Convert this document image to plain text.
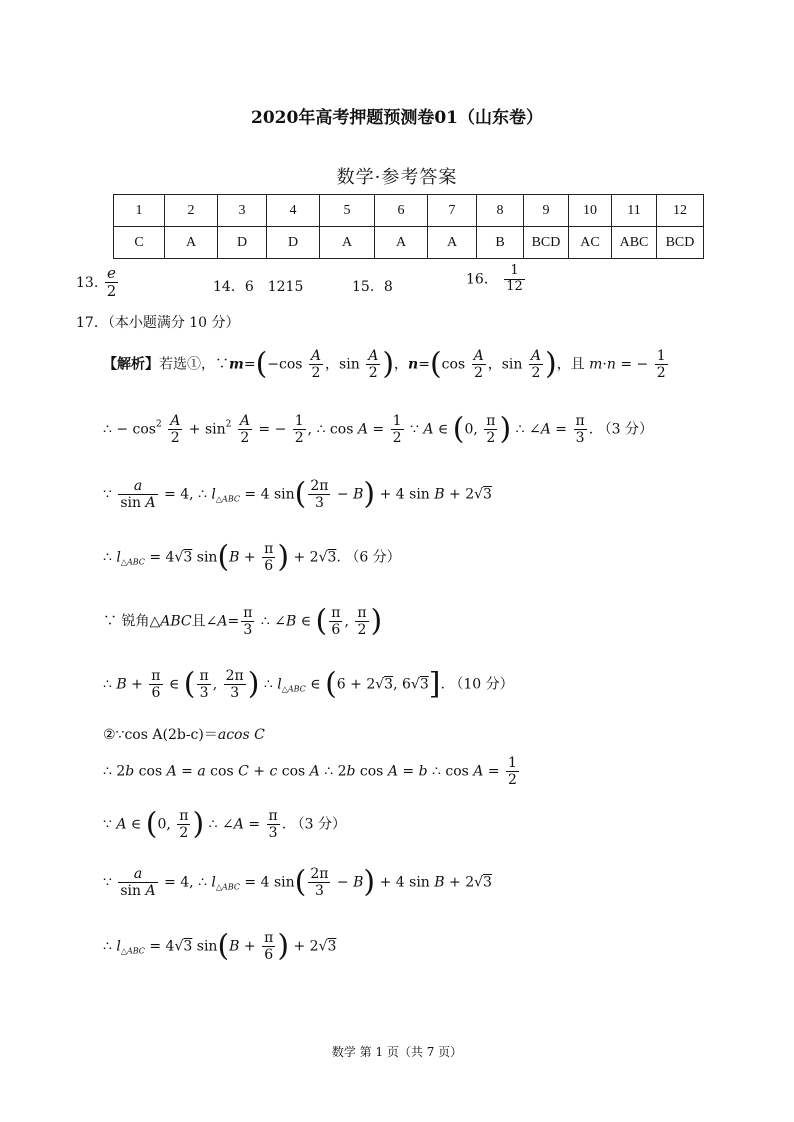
2020年高考押题预测卷01（山东卷）
数学·参考答案
1	2	3	4	5	6	7	8	9	10	11	12
C	A	D	D	A	A	A	B	BCD	AC	ABC	BCD
13. $\frac{e}{2}$	14．6　1215	15．8	16． $\frac{1}{12}$
17．（本小题满分 10 分）
【解析】若选①，∵m=(−cos $\frac{A}{2}$ ，$\sin \frac{A}{2}$ )，$n=(\cos \frac{A}{2}$ ，$\sin \frac{A}{2}$ )，且 m·n = − $\frac{1}{2}$
∴ − $\cos^2 \frac{A}{2} + \sin^2 \frac{A}{2}$ = − $\frac{1}{2}$ , ∴ $\cos A = \frac{1}{2}$ ∵ A ∈ (0, $\frac{\pi}{2}$ ) ∴ ∠A = $\frac{\pi}{3}$ . （3 分）
∵ $\frac{a}{\text{sin A}} = 4$, ∴ $l_{\triangle ABC} = 4$ $\sin( \frac{2\pi}{3} - B) + 4$ sin B + 2√3
∴ $l_{\triangle ABC} = 4√3$ $\sin(B + \frac{\pi}{6}$ ) + 2√3. （6 分）
∵ 锐角△ABC且∠A= $\frac{\pi}{3}$ ∴ ∠B ∈ ( $\frac{\pi}{6}$ , $\frac{\pi}{2}$ )
∴ $B + \frac{\pi}{6}$ ∈ ( $\frac{\pi}{3}$ , $\frac{2\pi}{3}$ ) ∴ $l_{\triangle ABC}$ ∈ (6 + 2√3, 6√3]. （10 分）
②∵cos A(2b-c)＝acos C
∴ 2b cos A = a cos C + c cos A ∴ 2b cos A = b ∴ $\cos A = \frac{1}{2}$
∵ A ∈ (0, $\frac{\pi}{2}$ ) ∴ ∠A = $\frac{\pi}{3}$ . （3 分）
∵ $\frac{a}{\text{sin A}} = 4$, ∴ $l_{\triangle ABC} = 4$ $\sin( \frac{2\pi}{3} - B) + 4$ sin B + 2√3
∴ $l_{\triangle ABC} = 4√3$ $\sin(B + \frac{\pi}{6}$ ) + 2√3
数学 第 1 页（共 7 页）
